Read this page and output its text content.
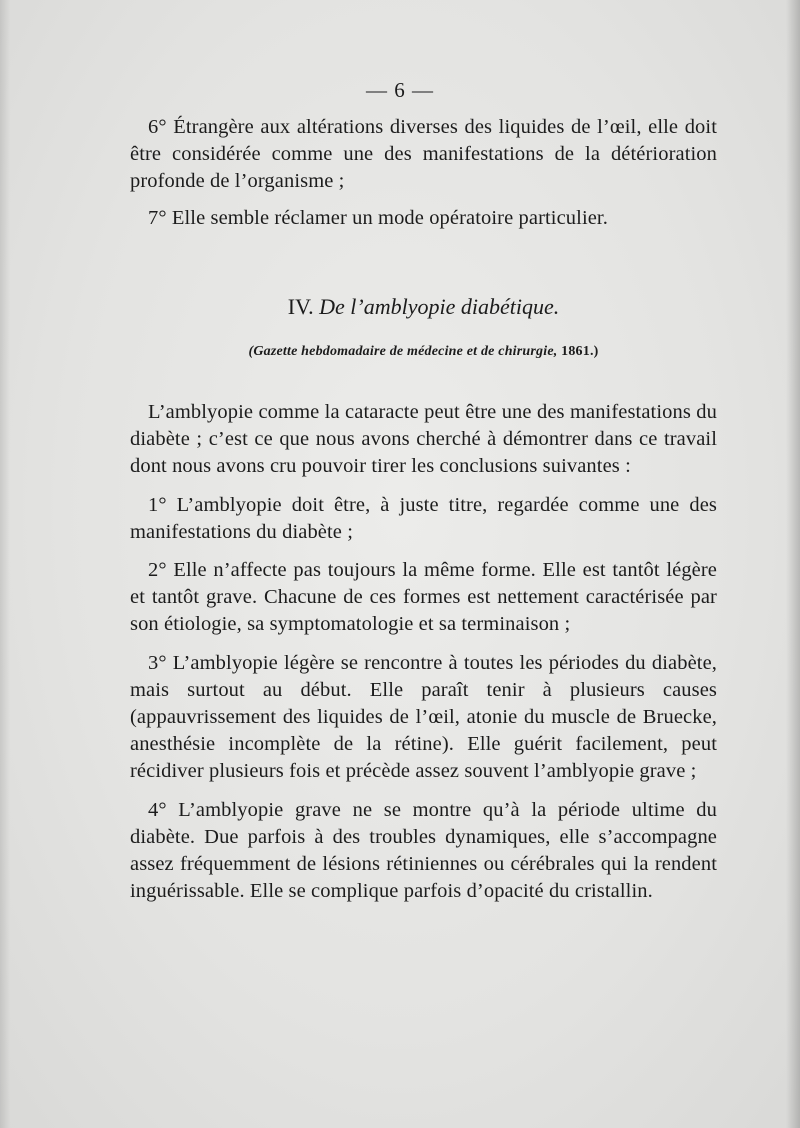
— 6 —

6° Étrangère aux altérations diverses des liquides de l’œil, elle doit être considérée comme une des manifestations de la détérioration profonde de l’organisme ;

7° Elle semble réclamer un mode opératoire particulier.

IV. De l’amblyopie diabétique.
(Gazette hebdomadaire de médecine et de chirurgie, 1861.)

L’amblyopie comme la cataracte peut être une des manifestations du diabète ; c’est ce que nous avons cherché à démontrer dans ce travail dont nous avons cru pouvoir tirer les conclusions suivantes :

1° L’amblyopie doit être, à juste titre, regardée comme une des manifestations du diabète ;

2° Elle n’affecte pas toujours la même forme. Elle est tantôt légère et tantôt grave. Chacune de ces formes est nettement caractérisée par son étiologie, sa symptomatologie et sa terminaison ;

3° L’amblyopie légère se rencontre à toutes les périodes du diabète, mais surtout au début. Elle paraît tenir à plusieurs causes (appauvrissement des liquides de l’œil, atonie du muscle de Bruecke, anesthésie incomplète de la rétine). Elle guérit facilement, peut récidiver plusieurs fois et précède assez souvent l’amblyopie grave ;

4° L’amblyopie grave ne se montre qu’à la période ultime du diabète. Due parfois à des troubles dynamiques, elle s’accompagne assez fréquemment de lésions rétiniennes ou cérébrales qui la rendent inguérissable. Elle se complique parfois d’opacité du cristallin.
